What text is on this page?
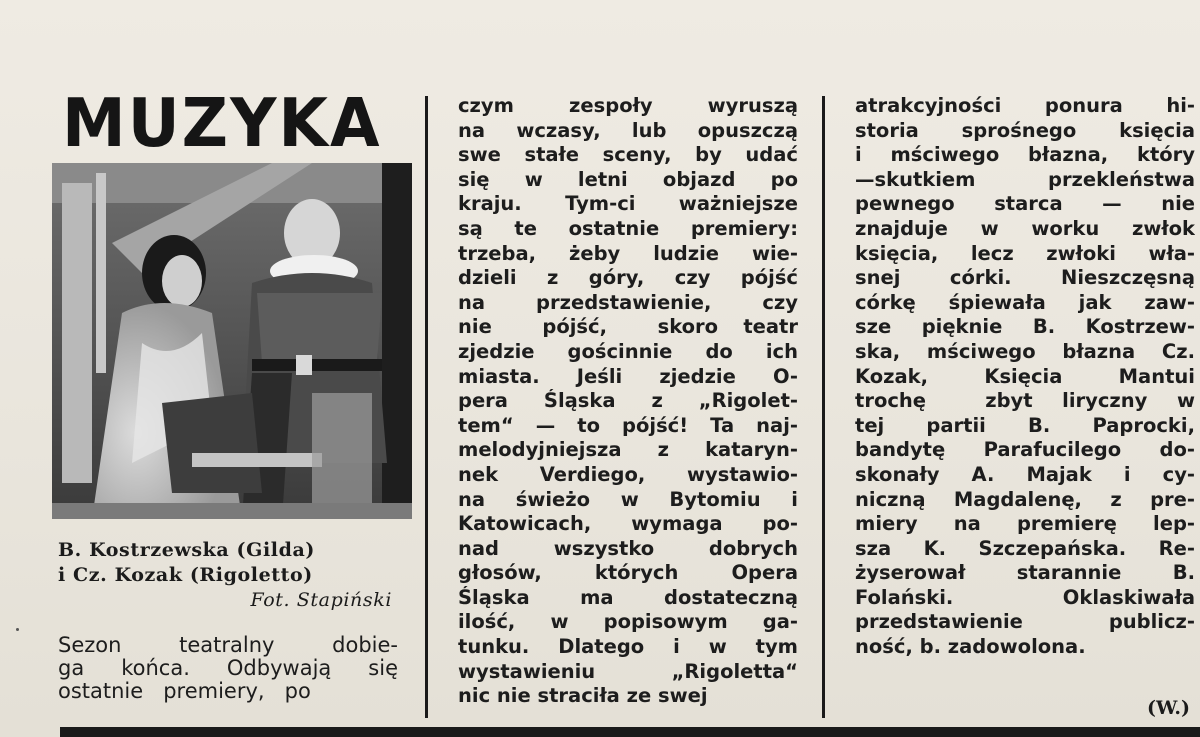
MUZYKA
B. Kostrzewska (Gilda)
i Cz. Kozak (Rigoletto)
Fot. Stapiński
Sezon teatralny dobie-
ga końca. Odbywają się
ostatnie   premiery,   po
czym  zespoły  wyruszą
na wczasy, lub opuszczą
swe stałe sceny, by udać
się  w  letni  objazd  po
kraju. Tym-ci ważniejsze
są te ostatnie premiery:
trzeba, żeby ludzie wie-
dzieli z góry, czy pójść
na przedstawienie, czy
nie  pójść,  skoro teatr
zjedzie gościnnie do ich
miasta. Jeśli zjedzie O-
pera Śląska z „Rigolet-
tem“ — to pójść! Ta naj-
melodyjniejsza z kataryn-
nek Verdiego, wystawio-
na świeżo w Bytomiu i
Katowicach, wymaga po-
nad   wszystko   dobrych
głosów,  których  Opera
Śląska  ma  dostateczną
ilość, w popisowym ga-
tunku. Dlatego i w tym
wystawieniu „Rigoletta“
nic nie straciła ze swej
atrakcyjności ponura hi-
storia sprośnego księcia
i mściwego błazna, który
—skutkiem przekleństwa
pewnego  starca  —  nie
znajduje w worku zwłok
księcia, lecz zwłoki wła-
snej córki. Nieszczęsną
córkę śpiewała jak zaw-
sze pięknie B. Kostrzew-
ska, mściwego błazna Cz.
Kozak,  Księcia  Mantui
trochę  zbyt liryczny w
tej  partii  B.  Paprocki,
bandytę Parafucilego do-
skonały A. Majak i cy-
niczną Magdalenę, z pre-
miery na premierę lep-
sza K. Szczepańska. Re-
żyserował  starannie  B.
Folański.    Oklaskiwała
przedstawienie  publicz-
ność, b. zadowolona.
(W.)
